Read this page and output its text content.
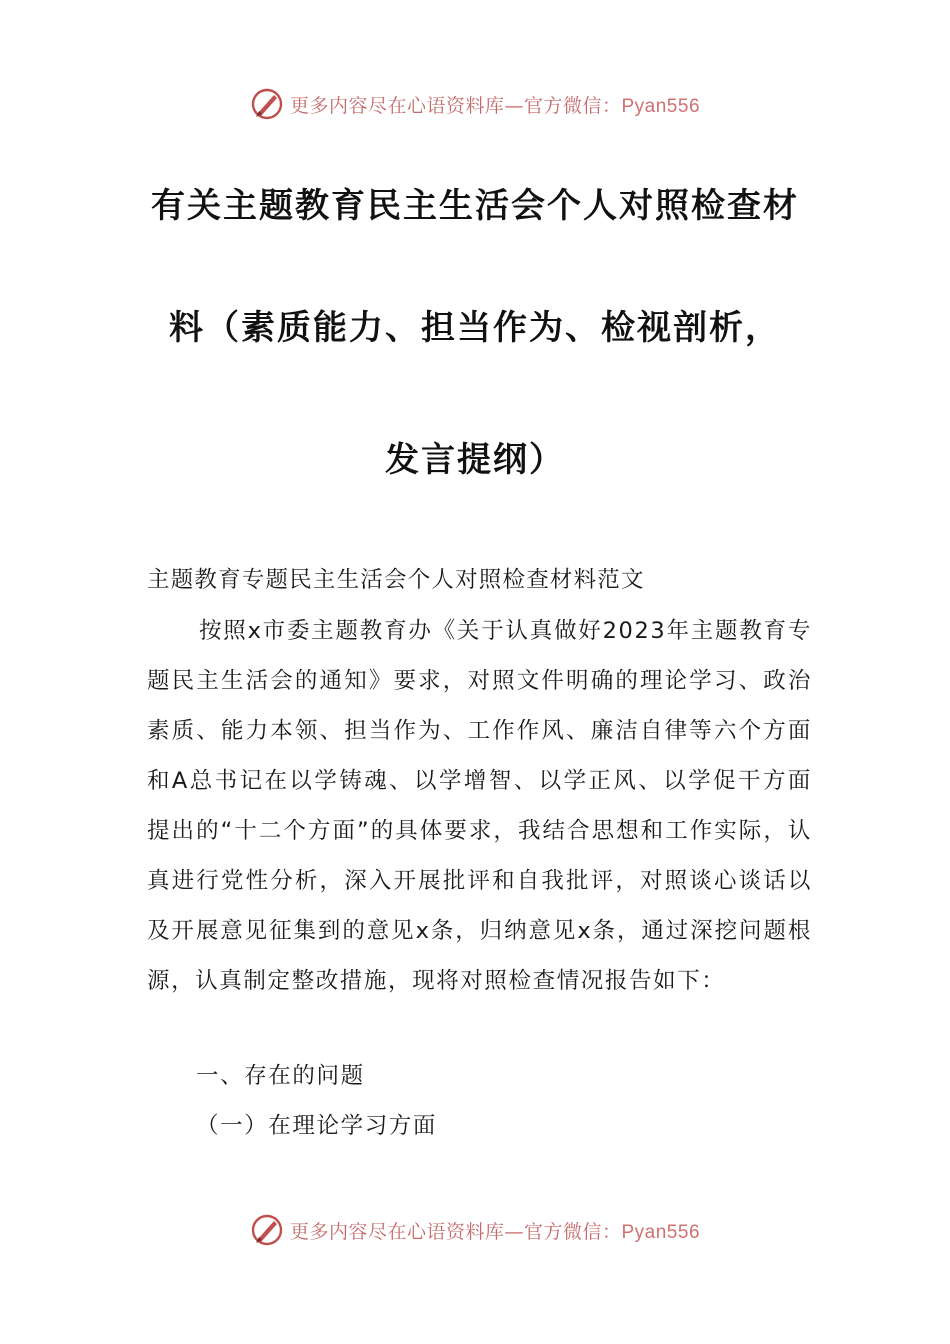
更多内容尽在心语资料库—官方微信：Pyan556
有关主题教育民主生活会个人对照检查材
料（素质能力、担当作为、检视剖析，
发言提纲）
主题教育专题民主生活会个人对照检查材料范文
按照x市委主题教育办《关于认真做好2023年主题教育专题民主生活会的通知》要求，对照文件明确的理论学习、政治素质、能力本领、担当作为、工作作风、廉洁自律等六个方面和A总书记在以学铸魂、以学增智、以学正风、以学促干方面提出的“十二个方面”的具体要求，我结合思想和工作实际，认真进行党性分析，深入开展批评和自我批评，对照谈心谈话以及开展意见征集到的意见x条，归纳意见x条，通过深挖问题根源，认真制定整改措施，现将对照检查情况报告如下：
一、存在的问题
（一）在理论学习方面
更多内容尽在心语资料库—官方微信：Pyan556
